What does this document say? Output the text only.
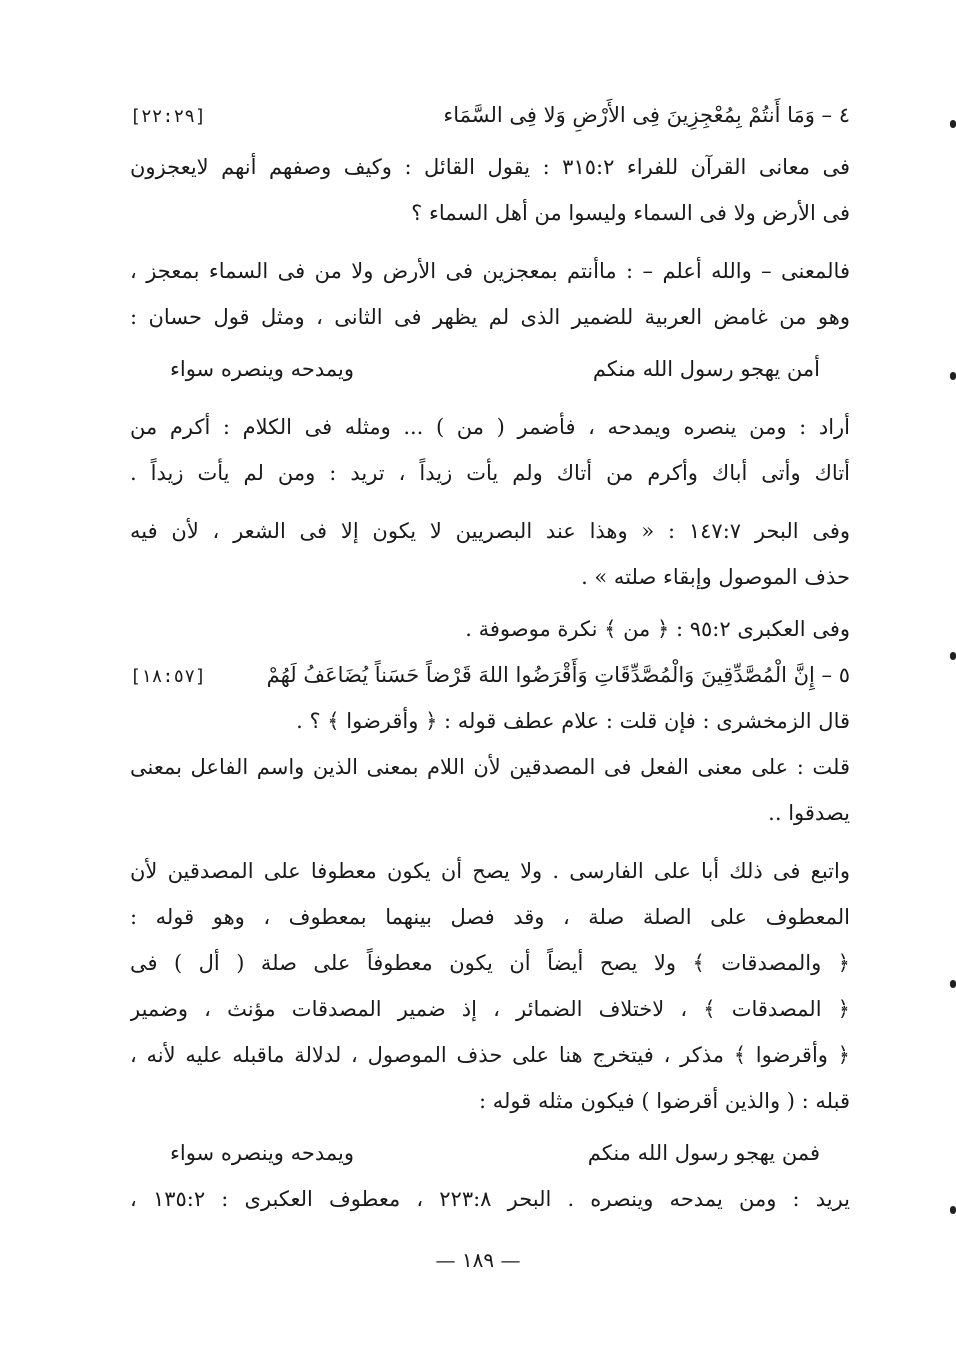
٤ – وَمَا أَنتُمْ بِمُعْجِزِينَ فِى الأَرْضِ وَلا فِى السَّمَاء
[٢٢:٢٩]
فى معانى القرآن للفراء ٣١٥:٢ : يقول القائل : وكيف وصفهم أنهم لايعجزون
فى الأرض ولا فى السماء وليسوا من أهل السماء ؟
فالمعنى – والله أعلم – : ماأنتم بمعجزين فى الأرض ولا من فى السماء بمعجز ،
وهو من غامض العربية للضمير الذى لم يظهر فى الثانى ، ومثل قول حسان :
أمن يهجو رسول الله منكم
ويمدحه وينصره سواء
أراد : ومن ينصره ويمدحه ، فأضمر ( من ) ... ومثله فى الكلام : أكرم من
أتاك وأتى أباك وأكرم من أتاك ولم يأت زيداً ، تريد : ومن لم يأت زيداً .
وفى البحر ١٤٧:٧ : « وهذا عند البصريين لا يكون إلا فى الشعر ، لأن فيه
حذف الموصول وإبقاء صلته » .
وفى العكبرى ٩٥:٢ : ﴿ من ﴾ نكرة موصوفة .
٥ – إِنَّ الْمُصَّدِّقِينَ وَالْمُصَّدِّقَاتِ وَأَقْرَضُوا اللهَ قَرْضاً حَسَناً يُضَاعَفُ لَهُمْ
[١٨:٥٧]
قال الزمخشرى : فإن قلت : علام عطف قوله : ﴿ وأقرضوا ﴾ ؟ .
قلت : على معنى الفعل فى المصدقين لأن اللام بمعنى الذين واسم الفاعل بمعنى
يصدقوا ..
واتبع فى ذلك أبا على الفارسى . ولا يصح أن يكون معطوفا على المصدقين لأن
المعطوف على الصلة صلة ، وقد فصل بينهما بمعطوف ، وهو قوله :
﴿ والمصدقات ﴾ ولا يصح أيضاً أن يكون معطوفاً على صلة ( أل ) فى
﴿ المصدقات ﴾ ، لاختلاف الضمائر ، إذ ضمير المصدقات مؤنث ، وضمير
﴿ وأقرضوا ﴾ مذكر ، فيتخرج هنا على حذف الموصول ، لدلالة ماقبله عليه لأنه ،
قبله : ( والذين أقرضوا ) فيكون مثله قوله :
فمن يهجو رسول الله منكم
ويمدحه وينصره سواء
يريد : ومن يمدحه وينصره . البحر ٢٢٣:٨ ، معطوف العكبرى : ١٣٥:٢ ،
— ١٨٩ —
